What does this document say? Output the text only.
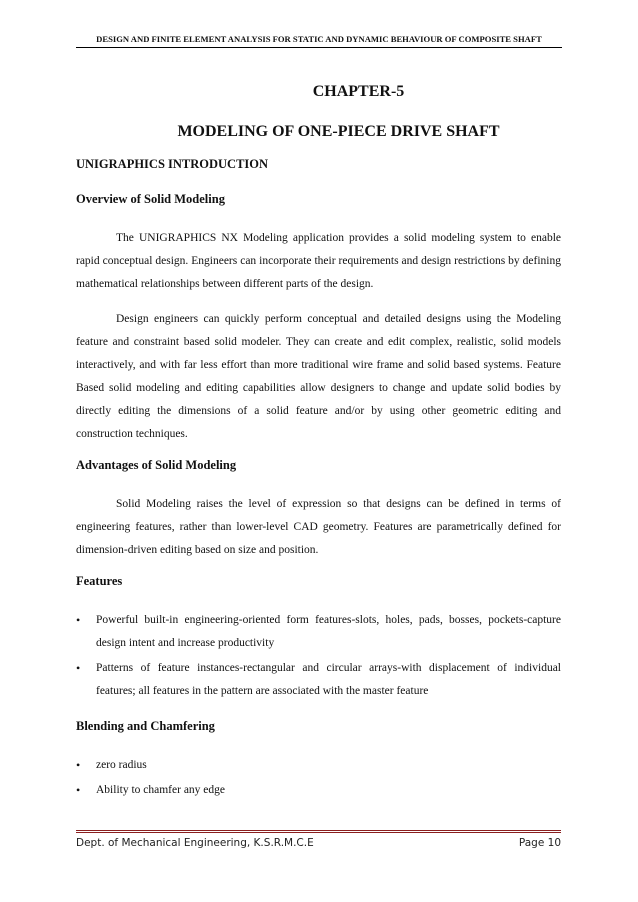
DESIGN AND FINITE ELEMENT ANALYSIS FOR STATIC AND DYNAMIC BEHAVIOUR OF COMPOSITE SHAFT
CHAPTER-5
MODELING OF ONE-PIECE DRIVE SHAFT
UNIGRAPHICS INTRODUCTION
Overview of Solid Modeling

The UNIGRAPHICS NX Modeling application provides a solid modeling system to enable rapid conceptual design. Engineers can incorporate their requirements and design restrictions by defining mathematical relationships between different parts of the design.

Design engineers can quickly perform conceptual and detailed designs using the Modeling feature and constraint based solid modeler. They can create and edit complex, realistic, solid models interactively, and with far less effort than more traditional wire frame and solid based systems. Feature Based solid modeling and editing capabilities allow designers to change and update solid bodies by directly editing the dimensions of a solid feature and/or by using other geometric editing and construction techniques.

Advantages of Solid Modeling

Solid Modeling raises the level of expression so that designs can be defined in terms of engineering features, rather than lower-level CAD geometry. Features are parametrically defined for dimension-driven editing based on size and position.

Features
• Powerful built-in engineering-oriented form features-slots, holes, pads, bosses, pockets-capture design intent and increase productivity
• Patterns of feature instances-rectangular and circular arrays-with displacement of individual features; all features in the pattern are associated with the master feature
Blending and Chamfering
• zero radius
• Ability to chamfer any edge
Dept. of Mechanical Engineering, K.S.R.M.C.E	Page 10
